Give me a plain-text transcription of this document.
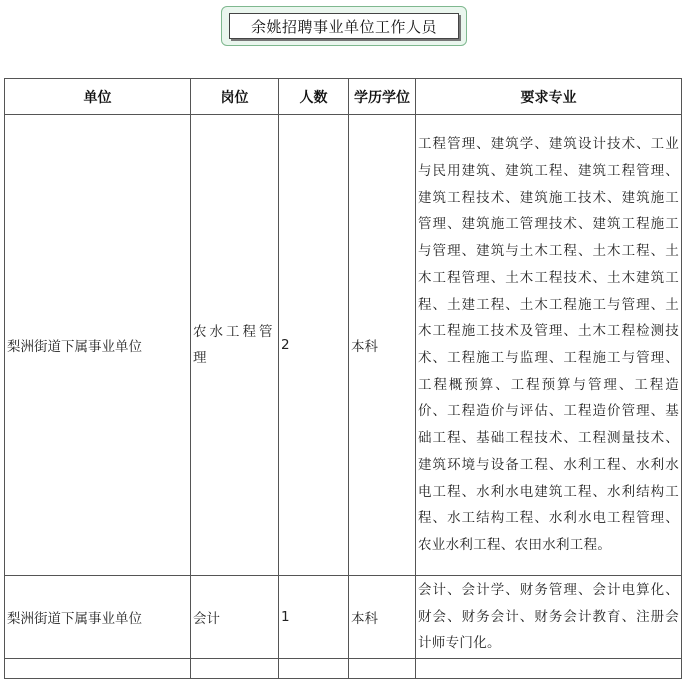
余姚招聘事业单位工作人员
单位	岗位	人数	学历学位	要求专业
梨洲街道下属事业单位	农水工程管理	2	本科	工程管理、建筑学、建筑设计技术、工业与民用建筑、建筑工程、建筑工程管理、建筑工程技术、建筑施工技术、建筑施工管理、建筑施工管理技术、建筑工程施工与管理、建筑与土木工程、土木工程、土木工程管理、土木工程技术、土木建筑工程、土建工程、土木工程施工与管理、土木工程施工技术及管理、土木工程检测技术、工程施工与监理、工程施工与管理、工程概预算、工程预算与管理、工程造价、工程造价与评估、工程造价管理、基础工程、基础工程技术、工程测量技术、建筑环境与设备工程、水利工程、水利水电工程、水利水电建筑工程、水利结构工程、水工结构工程、水利水电工程管理、农业水利工程、农田水利工程。
梨洲街道下属事业单位	会计	1	本科	会计、会计学、财务管理、会计电算化、财会、财务会计、财务会计教育、注册会计师专门化。
